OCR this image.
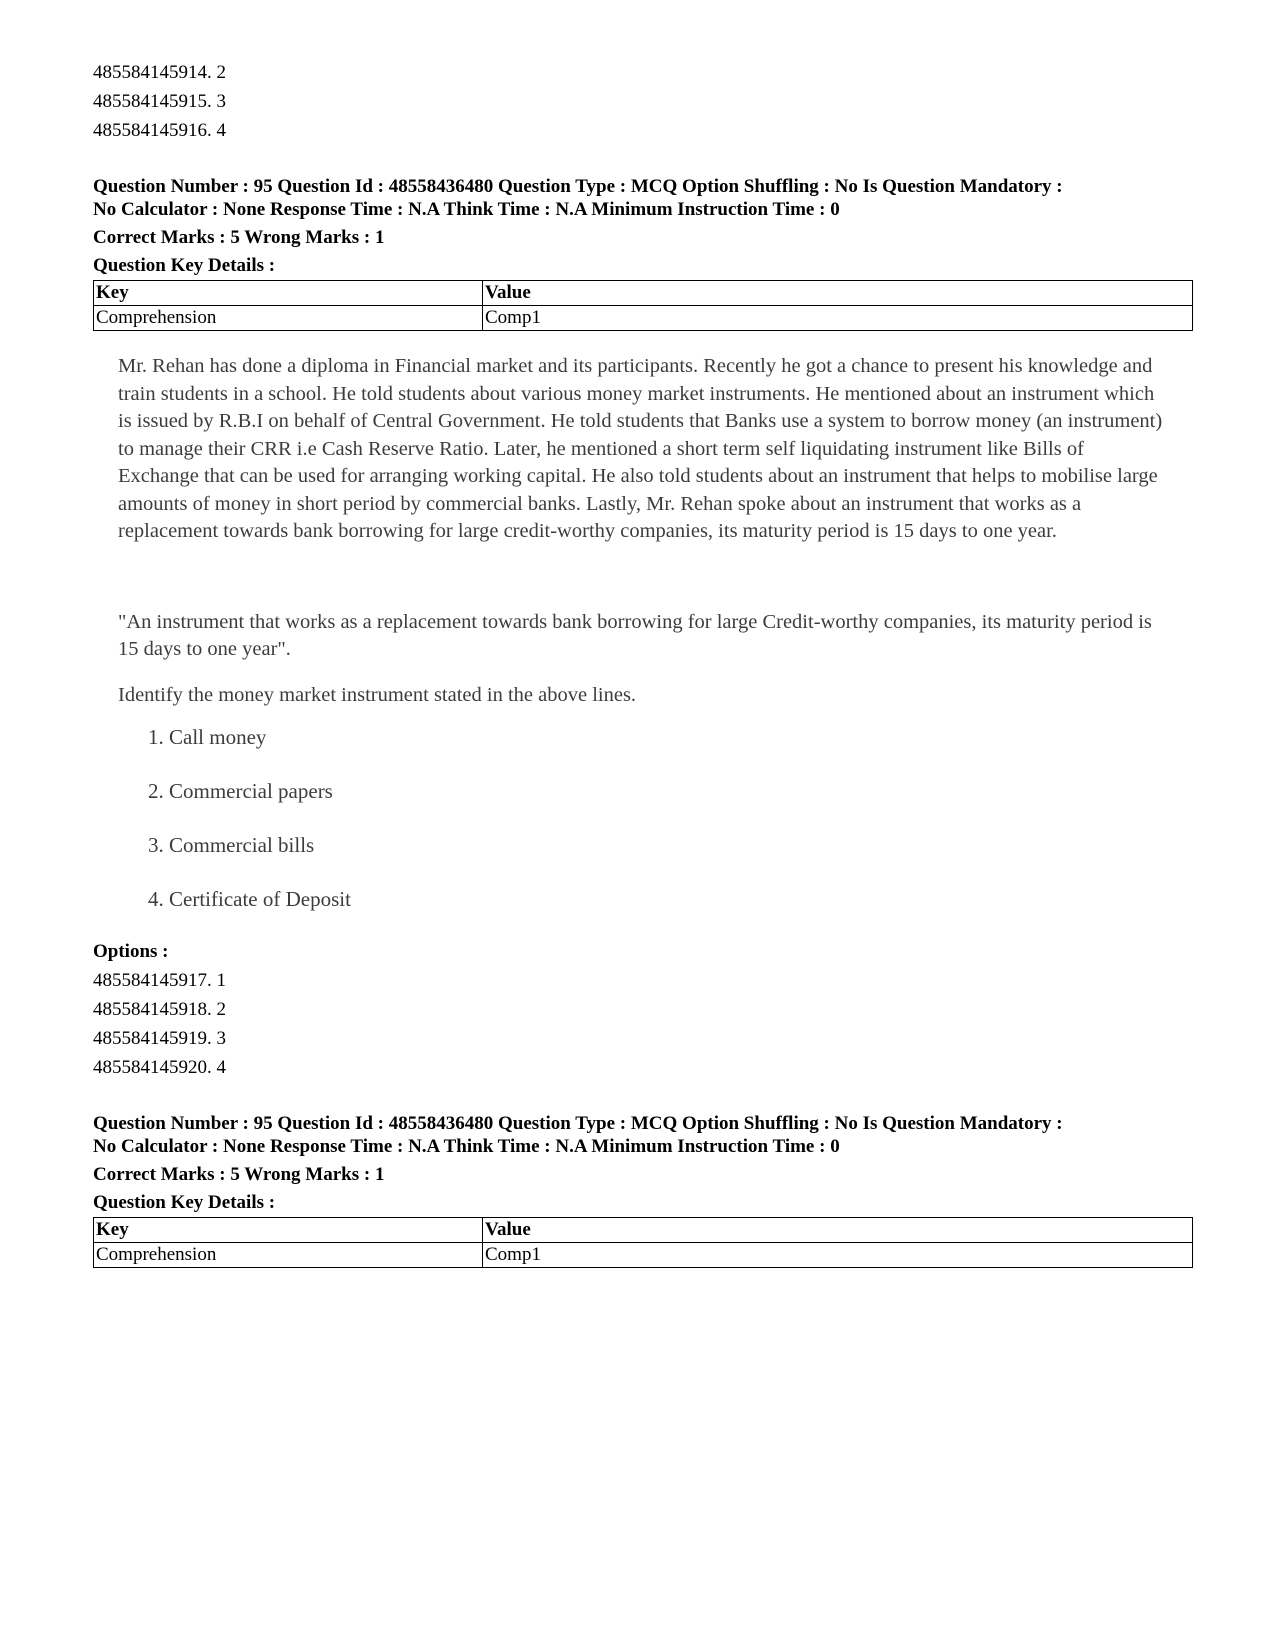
485584145914. 2
485584145915. 3
485584145916. 4
Question Number : 95 Question Id : 48558436480 Question Type : MCQ Option Shuffling : No Is Question Mandatory :
No Calculator : None Response Time : N.A Think Time : N.A Minimum Instruction Time : 0
Correct Marks : 5 Wrong Marks : 1
Question Key Details :
Key	Value
Comprehension	Comp1

Mr. Rehan has done a diploma in Financial market and its participants. Recently he got a chance to present his knowledge and train students in a school. He told students about various money market instruments. He mentioned about an instrument which is issued by R.B.I on behalf of Central Government. He told students that Banks use a system to borrow money (an instrument) to manage their CRR i.e Cash Reserve Ratio. Later, he mentioned a short term self liquidating instrument like Bills of Exchange that can be used for arranging working capital. He also told students about an instrument that helps to mobilise large amounts of money in short period by commercial banks. Lastly, Mr. Rehan spoke about an instrument that works as a replacement towards bank borrowing for large credit-worthy companies, its maturity period is 15 days to one year.

"An instrument that works as a replacement towards bank borrowing for large Credit-worthy companies, its maturity period is 15 days to one year".

Identify the money market instrument stated in the above lines.

1. Call money
2. Commercial papers
3. Commercial bills
4. Certificate of Deposit
Options :
485584145917. 1
485584145918. 2
485584145919. 3
485584145920. 4
Question Number : 95 Question Id : 48558436480 Question Type : MCQ Option Shuffling : No Is Question Mandatory :
No Calculator : None Response Time : N.A Think Time : N.A Minimum Instruction Time : 0
Correct Marks : 5 Wrong Marks : 1
Question Key Details :
Key	Value
Comprehension	Comp1
